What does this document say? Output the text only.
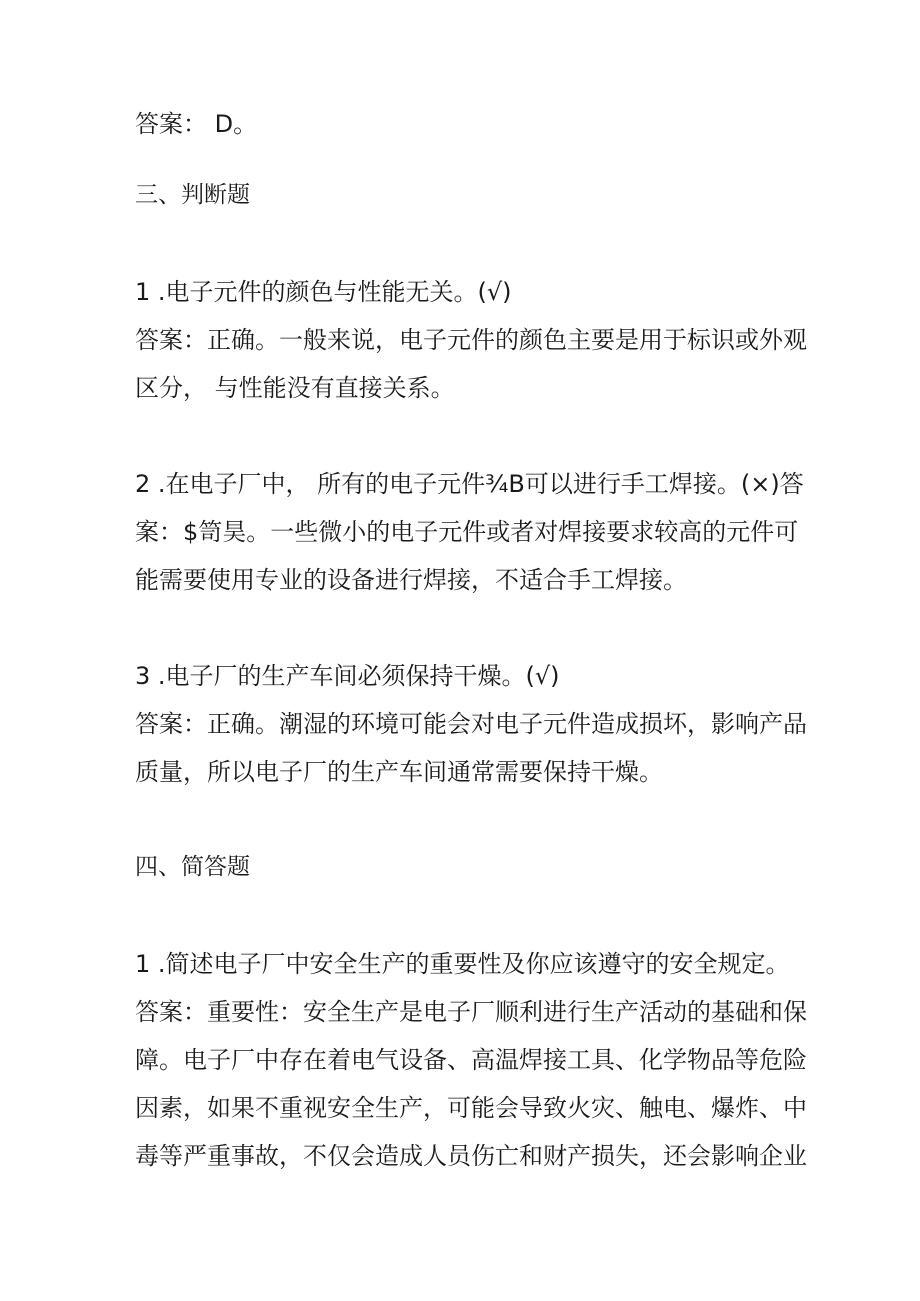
答案： D。
三、判断题
1 .电子元件的颜色与性能无关。(√)
答案：正确。一般来说，电子元件的颜色主要是用于标识或外观
区分， 与性能没有直接关系。
2 .在电子厂中， 所有的电子元件¾B可以进行手工焊接。(×)答
案：$笥昊。一些微小的电子元件或者对焊接要求较高的元件可
能需要使用专业的设备进行焊接，不适合手工焊接。
3 .电子厂的生产车间必须保持干燥。(√)
答案：正确。潮湿的环境可能会对电子元件造成损坏，影响产品
质量，所以电子厂的生产车间通常需要保持干燥。
四、简答题
1 .简述电子厂中安全生产的重要性及你应该遵守的安全规定。
答案：重要性：安全生产是电子厂顺利进行生产活动的基础和保
障。电子厂中存在着电气设备、高温焊接工具、化学物品等危险
因素，如果不重视安全生产，可能会导致火灾、触电、爆炸、中
毒等严重事故，不仅会造成人员伤亡和财产损失，还会影响企业
